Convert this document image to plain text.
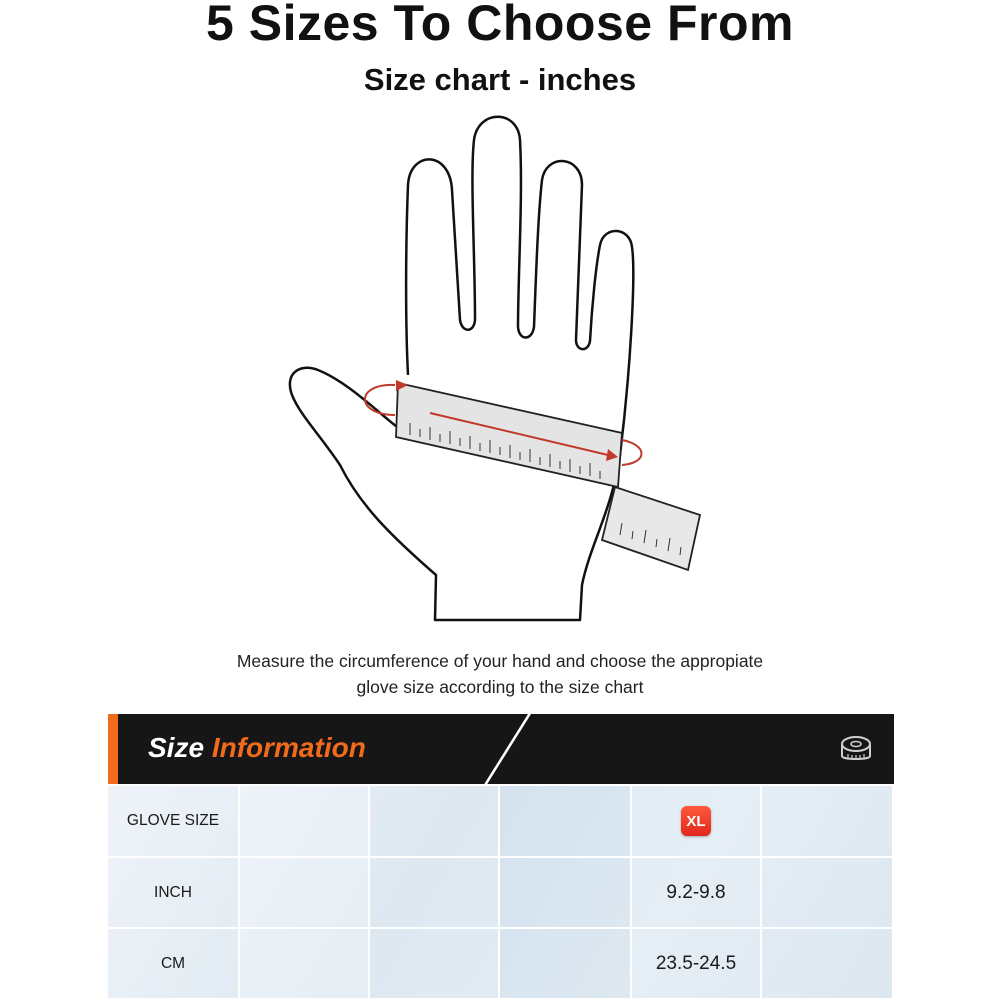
5 Sizes To Choose From
Size chart - inches
Measure the circumference of your hand and choose the appropiate
glove size according to the size chart
Size Information
GLOVE SIZE	XL
INCH	9.2-9.8
CM	23.5-24.5
